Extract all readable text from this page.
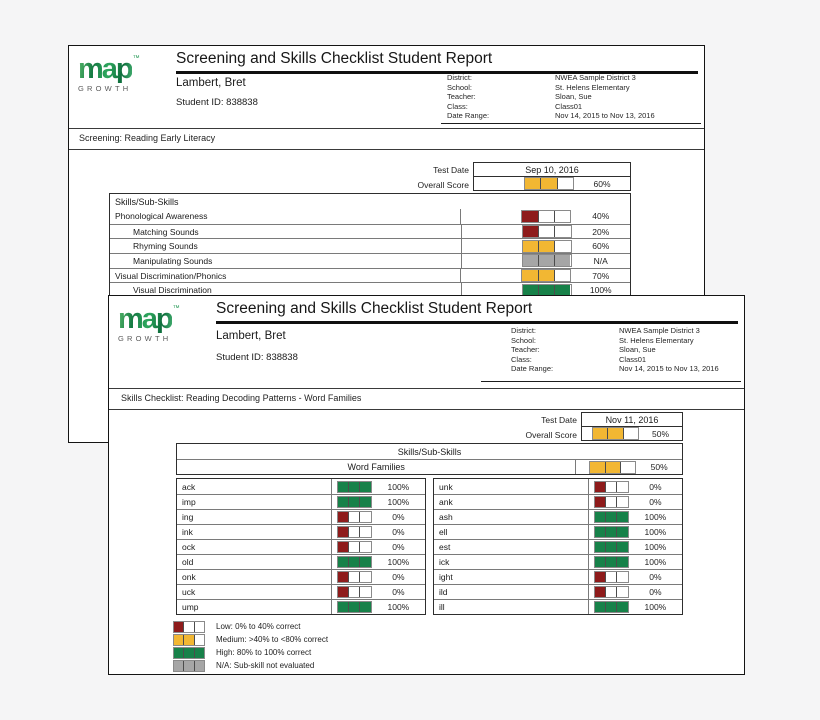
map™
GROWTH
Screening and Skills Checklist Student Report
Lambert, Bret
Student ID: 838838
District:	NWEA Sample District 3
School:	St. Helens Elementary
Teacher:	Sloan, Sue
Class:	Class01
Date Range:	Nov 14, 2015 to Nov 13, 2016
Screening: Reading Early Literacy
Test Date	Sep 10, 2016
Overall Score	60%
Skills/Sub-Skills
Phonological Awareness	40%
Matching Sounds	20%
Rhyming Sounds	60%
Manipulating Sounds	N/A
Visual Discrimination/Phonics	70%
Visual Discrimination	100%
map™
GROWTH
Screening and Skills Checklist Student Report
Lambert, Bret
Student ID: 838838
District:	NWEA Sample District 3
School:	St. Helens Elementary
Teacher:	Sloan, Sue
Class:	Class01
Date Range:	Nov 14, 2015 to Nov 13, 2016
Skills Checklist: Reading Decoding Patterns - Word Families
Test Date	Nov 11, 2016
Overall Score	50%
Skills/Sub-Skills
Word Families	50%
ack	100%
imp	100%
ing	0%
ink	0%
ock	0%
old	100%
onk	0%
uck	0%
ump	100%
unk	0%
ank	0%
ash	100%
ell	100%
est	100%
ick	100%
ight	0%
ild	0%
ill	100%
Low: 0% to 40% correct
Medium: >40% to <80% correct
High: 80% to 100% correct
N/A: Sub-skill not evaluated
